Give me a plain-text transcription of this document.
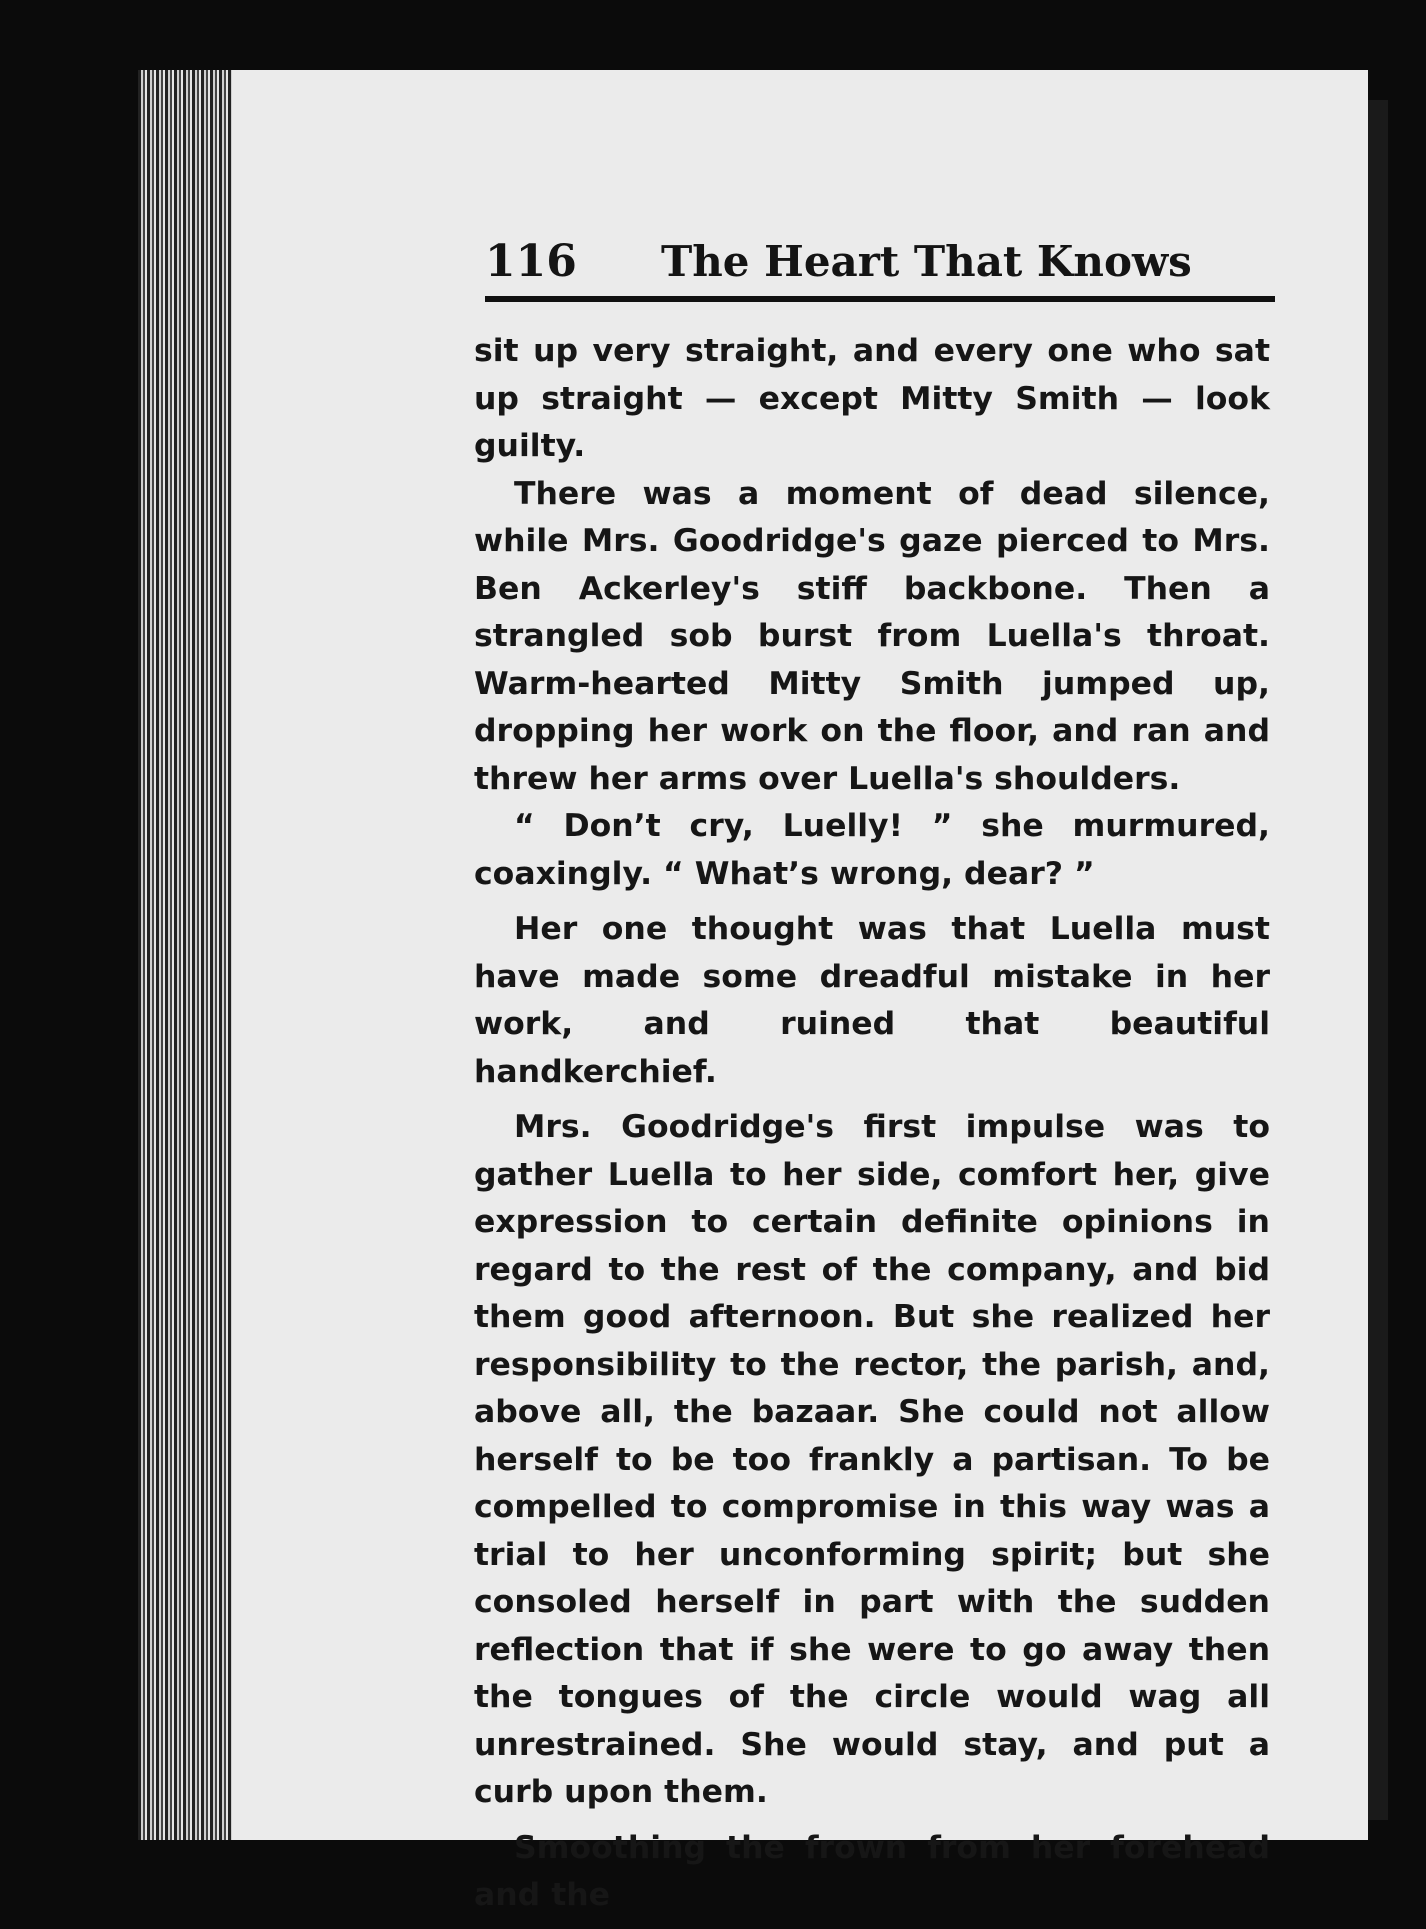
116 The Heart That Knows

sit up very straight, and every one who sat up straight — except Mitty Smith — look guilty.

There was a moment of dead silence, while Mrs. Goodridge's gaze pierced to Mrs. Ben Ackerley's stiff backbone. Then a strangled sob burst from Luella's throat. Warm-hearted Mitty Smith jumped up, dropping her work on the floor, and ran and threw her arms over Luella's shoulders.

“ Don’t cry, Luelly! ” she murmured, coaxingly. “ What’s wrong, dear? ”

Her one thought was that Luella must have made some dreadful mistake in her work, and ruined that beautiful handkerchief.

Mrs. Goodridge's first impulse was to gather Luella to her side, comfort her, give expression to certain definite opinions in regard to the rest of the company, and bid them good afternoon. But she realized her responsibility to the rector, the parish, and, above all, the bazaar. She could not allow herself to be too frankly a partisan. To be compelled to compromise in this way was a trial to her unconforming spirit; but she consoled herself in part with the sudden reflection that if she were to go away then the tongues of the circle would wag all unrestrained. She would stay, and put a curb upon them.

Smoothing the frown from her forehead and the
